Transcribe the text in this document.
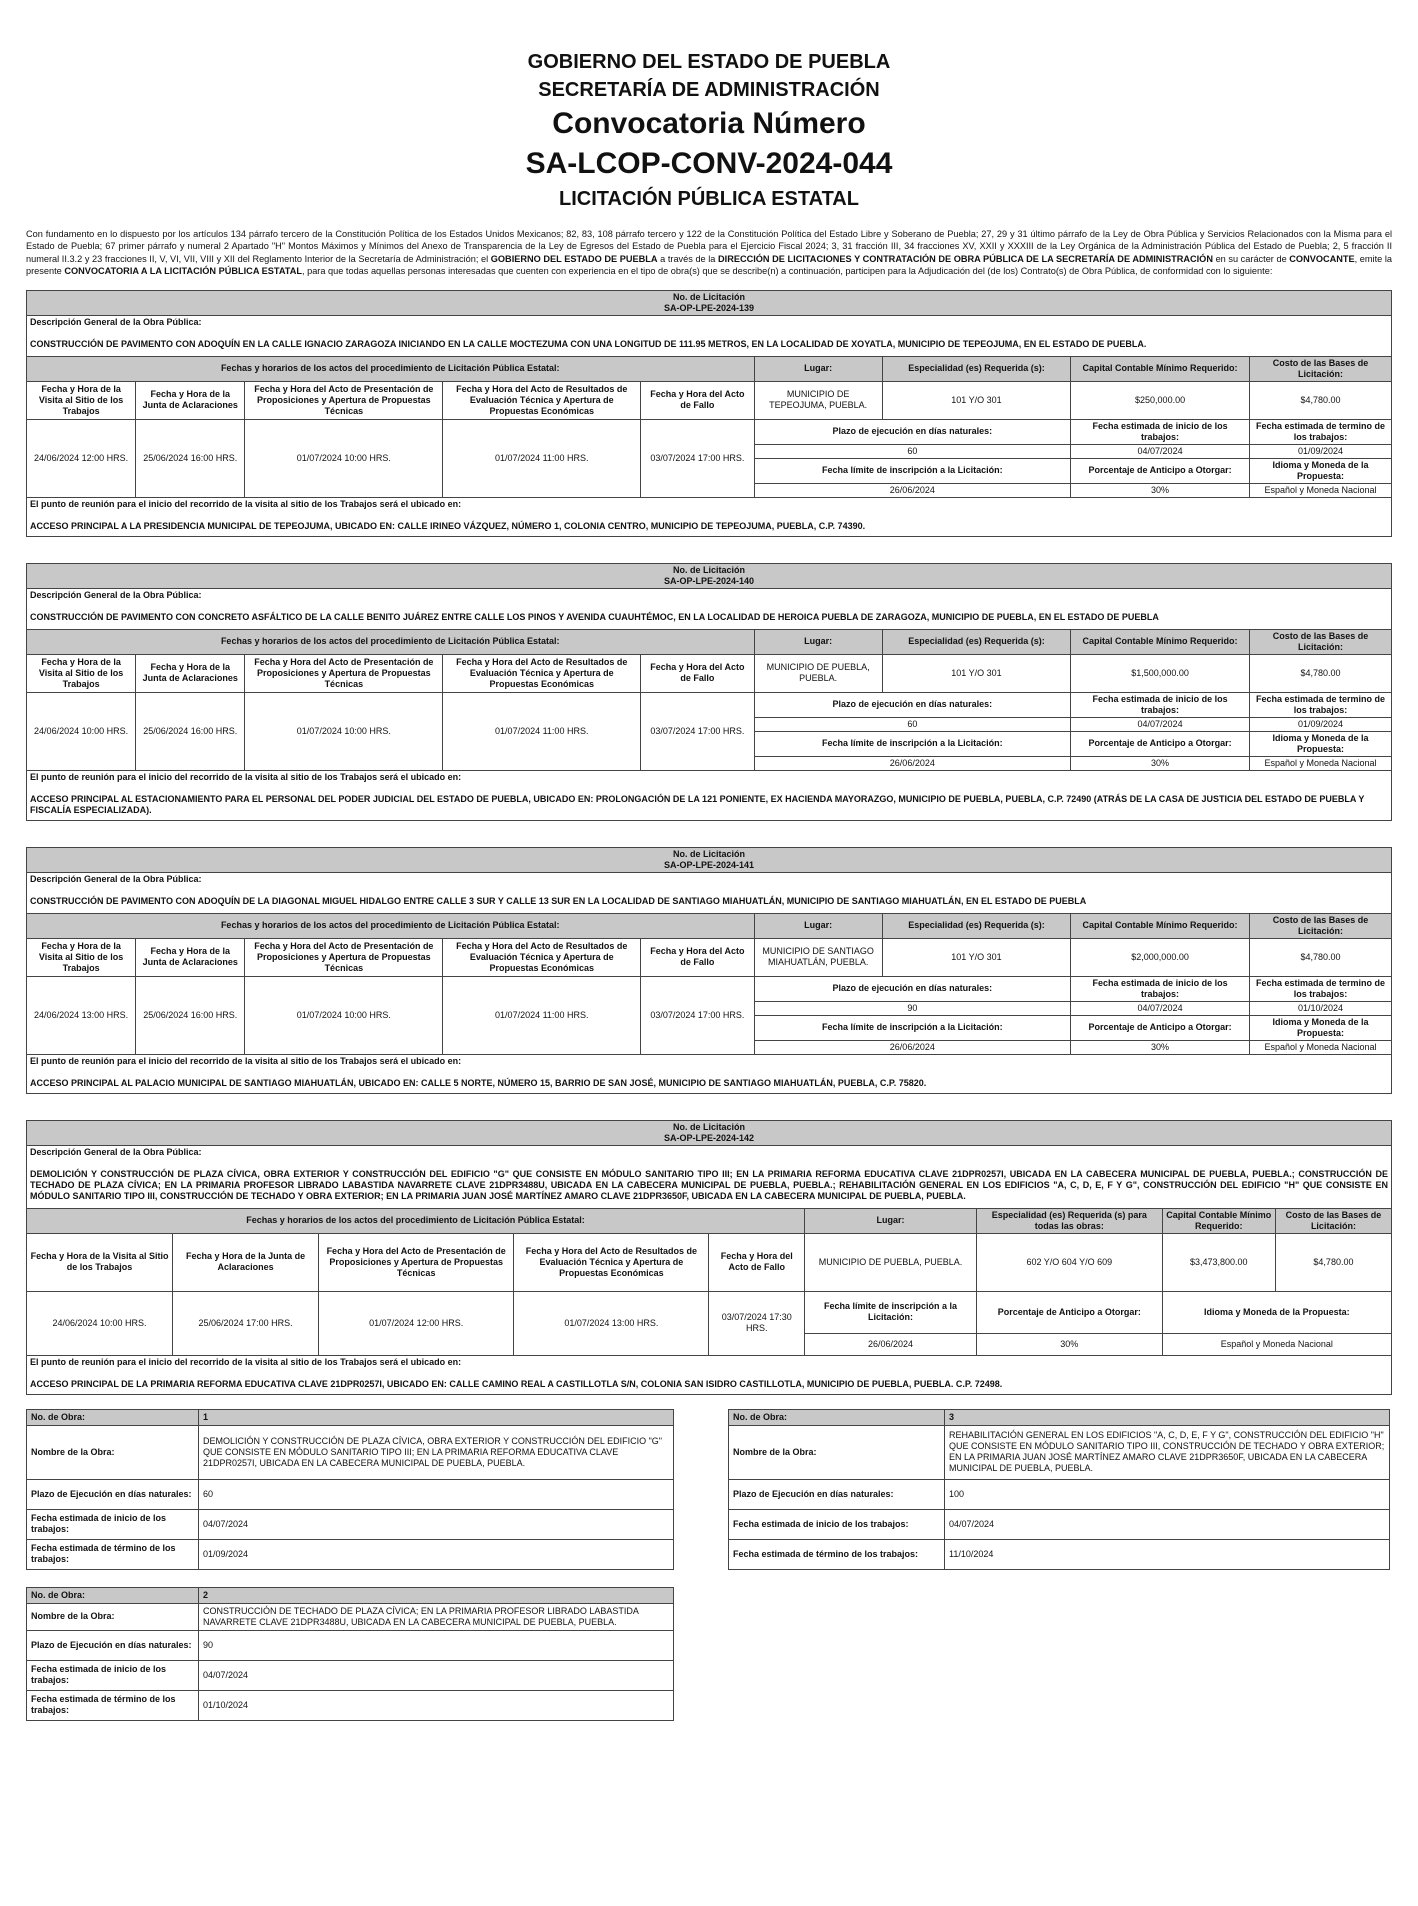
GOBIERNO DEL ESTADO DE PUEBLA
SECRETARÍA DE ADMINISTRACIÓN
Convocatoria Número
SA-LCOP-CONV-2024-044
LICITACIÓN PÚBLICA ESTATAL

Con fundamento en lo dispuesto por los artículos 134 párrafo tercero de la Constitución Política de los Estados Unidos Mexicanos; 82, 83, 108 párrafo tercero y 122 de la Constitución Política del Estado Libre y Soberano de Puebla; 27, 29 y 31 último párrafo de la Ley de Obra Pública y Servicios Relacionados con la Misma para el Estado de Puebla; 67 primer párrafo y numeral 2 Apartado "H" Montos Máximos y Mínimos del Anexo de Transparencia de la Ley de Egresos del Estado de Puebla para el Ejercicio Fiscal 2024; 3, 31 fracción III, 34 fracciones XV, XXII y XXXIII de la Ley Orgánica de la Administración Pública del Estado de Puebla; 2, 5 fracción II numeral II.3.2 y 23 fracciones II, V, VI, VII, VIII y XII del Reglamento Interior de la Secretaría de Administración; el GOBIERNO DEL ESTADO DE PUEBLA a través de la DIRECCIÓN DE LICITACIONES Y CONTRATACIÓN DE OBRA PÚBLICA DE LA SECRETARÍA DE ADMINISTRACIÓN en su carácter de CONVOCANTE, emite la presente CONVOCATORIA A LA LICITACIÓN PÚBLICA ESTATAL, para que todas aquellas personas interesadas que cuenten con experiencia en el tipo de obra(s) que se describe(n) a continuación, participen para la Adjudicación del (de los) Contrato(s) de Obra Pública, de conformidad con lo siguiente:

No. de Licitación
SA-OP-LPE-2024-139								

Descripción General de la Obra Pública:								
CONSTRUCCIÓN DE PAVIMENTO CON ADOQUÍN EN LA CALLE IGNACIO ZARAGOZA INICIANDO EN LA CALLE MOCTEZUMA CON UNA LONGITUD DE 111.95 METROS, EN LA LOCALIDAD DE XOYATLA, MUNICIPIO DE TEPEOJUMA, EN EL ESTADO DE PUEBLA.								
Fechas y horarios de los actos del procedimiento de Licitación Pública Estatal:					Lugar:	Especialidad (es) Requerida (s):	Capital Contable Mínimo Requerido:	Costo de las Bases de Licitación:
Fecha y Hora de la Visita al Sitio de los Trabajos	Fecha y Hora de la Junta de Aclaraciones	Fecha y Hora del Acto de Presentación de Proposiciones y Apertura de Propuestas Técnicas	Fecha y Hora del Acto de Resultados de Evaluación Técnica y Apertura de Propuestas Económicas	Fecha y Hora del Acto de Fallo	MUNICIPIO DE TEPEOJUMA, PUEBLA.	101 Y/O 301	$250,000.00	$4,780.00
24/06/2024 12:00 HRS.	25/06/2024 16:00 HRS.	01/07/2024 10:00 HRS.	01/07/2024 11:00 HRS.	03/07/2024 17:00 HRS.	Plazo de ejecución en días naturales:		Fecha estimada de inicio de los trabajos:	Fecha estimada de termino de los trabajos:
					60		04/07/2024	01/09/2024
					Fecha límite de inscripción a la Licitación:		Porcentaje de Anticipo a Otorgar:	Idioma y Moneda de la Propuesta:
					26/06/2024		30%	Español y Moneda Nacional
El punto de reunión para el inicio del recorrido de la visita al sitio de los Trabajos será el ubicado en:								
ACCESO PRINCIPAL A LA PRESIDENCIA MUNICIPAL DE TEPEOJUMA, UBICADO EN: CALLE IRINEO VÁZQUEZ, NÚMERO 1, COLONIA CENTRO, MUNICIPIO DE TEPEOJUMA, PUEBLA, C.P. 74390.								
No. de Licitación
SA-OP-LPE-2024-140								

Descripción General de la Obra Pública:								
CONSTRUCCIÓN DE PAVIMENTO CON CONCRETO ASFÁLTICO DE LA CALLE BENITO JUÁREZ ENTRE CALLE LOS PINOS Y AVENIDA CUAUHTÉMOC, EN LA LOCALIDAD DE HEROICA PUEBLA DE ZARAGOZA, MUNICIPIO DE PUEBLA, EN EL ESTADO DE PUEBLA								
Fechas y horarios de los actos del procedimiento de Licitación Pública Estatal:					Lugar:	Especialidad (es) Requerida (s):	Capital Contable Mínimo Requerido:	Costo de las Bases de Licitación:
Fecha y Hora de la Visita al Sitio de los Trabajos	Fecha y Hora de la Junta de Aclaraciones	Fecha y Hora del Acto de Presentación de Proposiciones y Apertura de Propuestas Técnicas	Fecha y Hora del Acto de Resultados de Evaluación Técnica y Apertura de Propuestas Económicas	Fecha y Hora del Acto de Fallo	MUNICIPIO DE PUEBLA, PUEBLA.	101 Y/O 301	$1,500,000.00	$4,780.00
24/06/2024 10:00 HRS.	25/06/2024 16:00 HRS.	01/07/2024 10:00 HRS.	01/07/2024 11:00 HRS.	03/07/2024 17:00 HRS.	Plazo de ejecución en días naturales:		Fecha estimada de inicio de los trabajos:	Fecha estimada de termino de los trabajos:
					60		04/07/2024	01/09/2024
					Fecha límite de inscripción a la Licitación:		Porcentaje de Anticipo a Otorgar:	Idioma y Moneda de la Propuesta:
					26/06/2024		30%	Español y Moneda Nacional
El punto de reunión para el inicio del recorrido de la visita al sitio de los Trabajos será el ubicado en:								
ACCESO PRINCIPAL AL ESTACIONAMIENTO PARA EL PERSONAL DEL PODER JUDICIAL DEL ESTADO DE PUEBLA, UBICADO EN: PROLONGACIÓN DE LA 121 PONIENTE, EX HACIENDA MAYORAZGO, MUNICIPIO DE PUEBLA, PUEBLA, C.P. 72490 (ATRÁS DE LA CASA DE JUSTICIA DEL ESTADO DE PUEBLA Y FISCALÍA ESPECIALIZADA).								
No. de Licitación
SA-OP-LPE-2024-141								

Descripción General de la Obra Pública:								
CONSTRUCCIÓN DE PAVIMENTO CON ADOQUÍN DE LA DIAGONAL MIGUEL HIDALGO ENTRE CALLE 3 SUR Y CALLE 13 SUR EN LA LOCALIDAD DE SANTIAGO MIAHUATLÁN, MUNICIPIO DE SANTIAGO MIAHUATLÁN, EN EL ESTADO DE PUEBLA								
Fechas y horarios de los actos del procedimiento de Licitación Pública Estatal:					Lugar:	Especialidad (es) Requerida (s):	Capital Contable Mínimo Requerido:	Costo de las Bases de Licitación:
Fecha y Hora de la Visita al Sitio de los Trabajos	Fecha y Hora de la Junta de Aclaraciones	Fecha y Hora del Acto de Presentación de Proposiciones y Apertura de Propuestas Técnicas	Fecha y Hora del Acto de Resultados de Evaluación Técnica y Apertura de Propuestas Económicas	Fecha y Hora del Acto de Fallo	MUNICIPIO DE SANTIAGO MIAHUATLÁN, PUEBLA.	101 Y/O 301	$2,000,000.00	$4,780.00
24/06/2024 13:00 HRS.	25/06/2024 16:00 HRS.	01/07/2024 10:00 HRS.	01/07/2024 11:00 HRS.	03/07/2024 17:00 HRS.	Plazo de ejecución en días naturales:		Fecha estimada de inicio de los trabajos:	Fecha estimada de termino de los trabajos:
					90		04/07/2024	01/10/2024
					Fecha límite de inscripción a la Licitación:		Porcentaje de Anticipo a Otorgar:	Idioma y Moneda de la Propuesta:
					26/06/2024		30%	Español y Moneda Nacional
El punto de reunión para el inicio del recorrido de la visita al sitio de los Trabajos será el ubicado en:								
ACCESO PRINCIPAL AL PALACIO MUNICIPAL DE SANTIAGO MIAHUATLÁN, UBICADO EN: CALLE 5 NORTE, NÚMERO 15, BARRIO DE SAN JOSÉ, MUNICIPIO DE SANTIAGO MIAHUATLÁN, PUEBLA, C.P. 75820.								
No. de Licitación
SA-OP-LPE-2024-142								

Descripción General de la Obra Pública:								
DEMOLICIÓN Y CONSTRUCCIÓN DE PLAZA CÍVICA, OBRA EXTERIOR Y CONSTRUCCIÓN DEL EDIFICIO "G" QUE CONSISTE EN MÓDULO SANITARIO TIPO III; EN LA PRIMARIA REFORMA EDUCATIVA CLAVE 21DPR0257I, UBICADA EN LA CABECERA MUNICIPAL DE PUEBLA, PUEBLA.; CONSTRUCCIÓN DE TECHADO DE PLAZA CÍVICA; EN LA PRIMARIA PROFESOR LIBRADO LABASTIDA NAVARRETE CLAVE 21DPR3488U, UBICADA EN LA CABECERA MUNICIPAL DE PUEBLA, PUEBLA.; REHABILITACIÓN GENERAL EN LOS EDIFICIOS "A, C, D, E, F Y G", CONSTRUCCIÓN DEL EDIFICIO "H" QUE CONSISTE EN MÓDULO SANITARIO TIPO III, CONSTRUCCIÓN DE TECHADO Y OBRA EXTERIOR; EN LA PRIMARIA JUAN JOSÉ MARTÍNEZ AMARO CLAVE 21DPR3650F, UBICADA EN LA CABECERA MUNICIPAL DE PUEBLA, PUEBLA.								
Fechas y horarios de los actos del procedimiento de Licitación Pública Estatal:					Lugar:	Especialidad (es) Requerida (s) para todas las obras:	Capital Contable Mínimo Requerido:	Costo de las Bases de Licitación:
Fecha y Hora de la Visita al Sitio de los Trabajos	Fecha y Hora de la Junta de Aclaraciones	Fecha y Hora del Acto de Presentación de Proposiciones y Apertura de Propuestas Técnicas	Fecha y Hora del Acto de Resultados de Evaluación Técnica y Apertura de Propuestas Económicas	Fecha y Hora del Acto de Fallo	MUNICIPIO DE PUEBLA, PUEBLA.	602 Y/O 604 Y/O 609	$3,473,800.00	$4,780.00
24/06/2024 10:00 HRS.	25/06/2024 17:00 HRS.	01/07/2024 12:00 HRS.	01/07/2024 13:00 HRS.	03/07/2024 17:30 HRS.	Fecha límite de inscripción a la Licitación:	Porcentaje de Anticipo a Otorgar:	Idioma y Moneda de la Propuesta:	
					26/06/2024	30%	Español y Moneda Nacional	
El punto de reunión para el inicio del recorrido de la visita al sitio de los Trabajos será el ubicado en:								
ACCESO PRINCIPAL DE LA PRIMARIA REFORMA EDUCATIVA CLAVE 21DPR0257I, UBICADO EN: CALLE CAMINO REAL A CASTILLOTLA S/N, COLONIA SAN ISIDRO CASTILLOTLA, MUNICIPIO DE PUEBLA, PUEBLA. C.P. 72498.								
No. de Obra:	1
Nombre de la Obra:	DEMOLICIÓN Y CONSTRUCCIÓN DE PLAZA CÍVICA, OBRA EXTERIOR Y CONSTRUCCIÓN DEL EDIFICIO "G" QUE CONSISTE EN MÓDULO SANITARIO TIPO III; EN LA PRIMARIA REFORMA EDUCATIVA CLAVE 21DPR0257I, UBICADA EN LA CABECERA MUNICIPAL DE PUEBLA, PUEBLA.
Plazo de Ejecución en días naturales:	60
Fecha estimada de inicio de los trabajos:	04/07/2024
Fecha estimada de término de los trabajos:	01/09/2024
No. de Obra:	3
Nombre de la Obra:	REHABILITACIÓN GENERAL EN LOS EDIFICIOS "A, C, D, E, F Y G", CONSTRUCCIÓN DEL EDIFICIO "H" QUE CONSISTE EN MÓDULO SANITARIO TIPO III, CONSTRUCCIÓN DE TECHADO Y OBRA EXTERIOR; EN LA PRIMARIA JUAN JOSÉ MARTÍNEZ AMARO CLAVE 21DPR3650F, UBICADA EN LA CABECERA MUNICIPAL DE PUEBLA, PUEBLA.
Plazo de Ejecución en días naturales:	100
Fecha estimada de inicio de los trabajos:	04/07/2024
Fecha estimada de término de los trabajos:	11/10/2024
No. de Obra:	2
Nombre de la Obra:	CONSTRUCCIÓN DE TECHADO DE PLAZA CÍVICA; EN LA PRIMARIA PROFESOR LIBRADO LABASTIDA NAVARRETE CLAVE 21DPR3488U, UBICADA EN LA CABECERA MUNICIPAL DE PUEBLA, PUEBLA.
Plazo de Ejecución en días naturales:	90
Fecha estimada de inicio de los trabajos:	04/07/2024
Fecha estimada de término de los trabajos:	01/10/2024
